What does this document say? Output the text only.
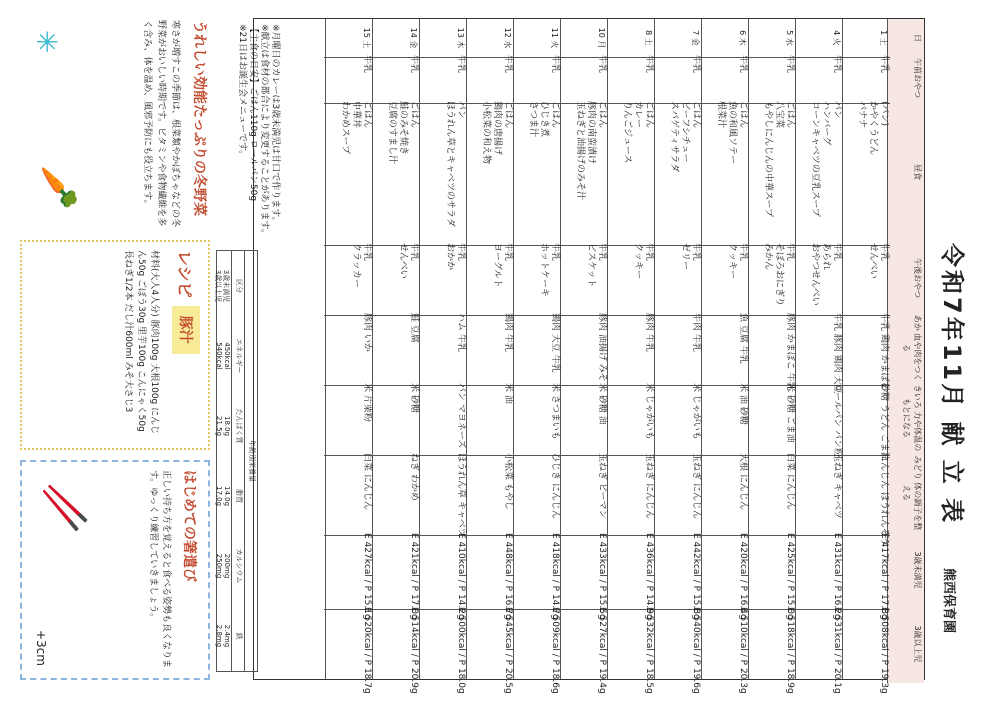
令和7年11月 献 立 表
熊西保育園
日
午前おやつ
昼食
午後おやつ
あか 血や肉をつくる
きいろ 力や体温のもとになる
みどり 体の調子を整える
3歳未満児
3歳以上児
1 土
牛乳
(パン)
かやくうどん
バナナ
牛乳
せんべい
牛乳 鶏肉 かまぼこ
砂糖 うどん ごま油
にんじん ほうれんそう
E 417kcal / P 17.8g
E 508kcal / P 19.3g
4 火
牛乳
パン
ハンバーグ
コーンキャベツの豆乳スープ
牛乳
あられ
おやつせんべい
牛乳 豚肉 鶏肉 大豆
ロールパン パン粉
玉ねぎ キャベツ
E 431kcal / P 16.2g
E 531kcal / P 20.1g
5 水
牛乳
ごはん
八宝菜
もやしにんじんの中華スープ
牛乳
そぼろおにぎり
みかん
豚肉 かまぼこ 牛乳
米 砂糖 ごま油
白菜 にんじん
E 425kcal / P 15.0g
E 518kcal / P 18.9g
6 木
牛乳
ごはん
魚の和風ソテー
根菜汁
牛乳
クッキー
魚 豆腐 牛乳
米 油 砂糖
大根 にんじん
E 420kcal / P 16.4g
E 510kcal / P 20.3g
7 金
牛乳
ごはん
ビーフシチュー
スパゲティサラダ
牛乳
ゼリー
牛肉 牛乳
米 じゃがいも
玉ねぎ にんじん
E 442kcal / P 15.8g
E 540kcal / P 19.6g
8 土
牛乳
ごはん
カレー
りんごジュース
牛乳
クッキー
豚肉 牛乳
米 じゃがいも
玉ねぎ にんじん
E 436kcal / P 14.9g
E 532kcal / P 18.5g
10 月
牛乳
ごはん
豚肉の南蛮漬け
玉ねぎと油揚げのみそ汁
牛乳
ビスケット
豚肉 油揚げ みそ
米 砂糖 油
玉ねぎ ピーマン
E 433kcal / P 15.5g
E 527kcal / P 19.4g
11 火
牛乳
ごはん
ひじき煮
さつま汁
牛乳
ホットケーキ
鶏肉 大豆 牛乳
米 さつまいも
ひじき にんじん
E 418kcal / P 14.7g
E 509kcal / P 18.6g
12 水
牛乳
ごはん
鶏肉の唐揚げ
小松菜の和え物
牛乳
ヨーグルト
鶏肉 牛乳
米 油
小松菜 もやし
E 448kcal / P 16.7g
E 545kcal / P 20.5g
13 木
牛乳
パン
ほうれん草とキャベツのサラダ
牛乳
おかか
ハム 牛乳
パン マヨネーズ
ほうれん草 キャベツ
E 410kcal / P 14.2g
E 500kcal / P 18.0g
14 金
牛乳
ごはん
鮭のみそ焼き
豆腐のすまし汁
牛乳
せんべい
鮭 豆腐
米 砂糖
ねぎ わかめ
E 421kcal / P 17.0g
E 514kcal / P 20.9g
15 土
牛乳
ごはん
中華丼
わかめスープ
牛乳
クラッカー
豚肉 いか
米 片栗粉
白菜 にんじん
E 427kcal / P 15.1g
E 520kcal / P 18.7g
年齢別栄養量
区分
エネルギー
たんぱく質
脂質
カルシウム
鉄
3歳未満児
450kcal
18.0g
14.0g
200mg
2.4mg
3歳以上児
540kcal
21.5g
17.0g
250mg
2.8mg
※月曜日のカレーは3歳未満児は甘口で作ります。
※献立は食材の都合により変更することがあります。
【主食の目安】ごはん110g ロールパン50g
※21日はお誕生会メニューです。
うれしい効能たっぷりの冬野菜
寒さが増すこの季節は、根菜類やかぼちゃなどの冬野菜がおいしい時期です。ビタミンや食物繊維を多く含み、体を温め、風邪予防にも役立ちます。
✳
🥕
レシピ
豚汁
材料(大人4人分) 豚肉100g 大根100g にんじん50g ごぼう30g 里芋100g こんにゃく50g 長ねぎ1/2本 だし汁600ml みそ大さじ3
はじめての箸遣び
正しい持ち方を覚えると食べる姿勢も良くなります。ゆっくり練習していきましょう。
+3cm
🥢
